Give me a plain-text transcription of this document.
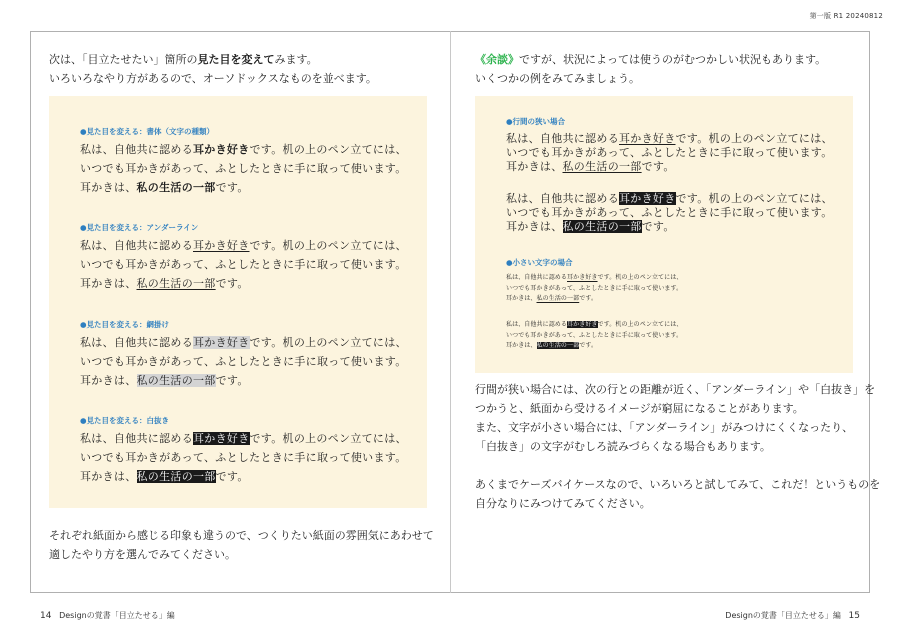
第一版 R1 20240812
次は、「目立たせたい」箇所の見た目を変えてみます。
いろいろなやり方があるので、オーソドックスなものを並べます。
●見た目を変える：書体（文字の種類）
私は、自他共に認める耳かき好きです。机の上のペン立てには、
いつでも耳かきがあって、ふとしたときに手に取って使います。
耳かきは、私の生活の一部です。
●見た目を変える：アンダーライン
私は、自他共に認める耳かき好きです。机の上のペン立てには、
いつでも耳かきがあって、ふとしたときに手に取って使います。
耳かきは、私の生活の一部です。
●見た目を変える：網掛け
私は、自他共に認める耳かき好きです。机の上のペン立てには、
いつでも耳かきがあって、ふとしたときに手に取って使います。
耳かきは、私の生活の一部です。
●見た目を変える：白抜き
私は、自他共に認める耳かき好きです。机の上のペン立てには、
いつでも耳かきがあって、ふとしたときに手に取って使います。
耳かきは、私の生活の一部です。
それぞれ紙面から感じる印象も違うので、つくりたい紙面の雰囲気にあわせて
適したやり方を選んでみてください。
《余談》ですが、状況によっては使うのがむつかしい状況もあります。
いくつかの例をみてみましょう。
●行間の狭い場合
私は、自他共に認める耳かき好きです。机の上のペン立てには、
いつでも耳かきがあって、ふとしたときに手に取って使います。
耳かきは、私の生活の一部です。
私は、自他共に認める耳かき好きです。机の上のペン立てには、
いつでも耳かきがあって、ふとしたときに手に取って使います。
耳かきは、私の生活の一部です。
●小さい文字の場合
私は、自他共に認める耳かき好きです。机の上のペン立てには、
いつでも耳かきがあって、ふとしたときに手に取って使います。
耳かきは、私の生活の一部です。
私は、自他共に認める耳かき好きです。机の上のペン立てには、
いつでも耳かきがあって、ふとしたときに手に取って使います。
耳かきは、私の生活の一部です。
行間が狭い場合には、次の行との距離が近く、「アンダーライン」や「白抜き」を
つかうと、紙面から受けるイメージが窮屈になることがあります。
また、文字が小さい場合には、「アンダーライン」がみつけにくくなったり、
「白抜き」の文字がむしろ読みづらくなる場合もあります。
あくまでケーズバイケースなので、いろいろと試してみて、これだ！というものを
自分なりにみつけてみてください。
14 Designの覚書「目立たせる」編	Designの覚書「目立たせる」編 15
